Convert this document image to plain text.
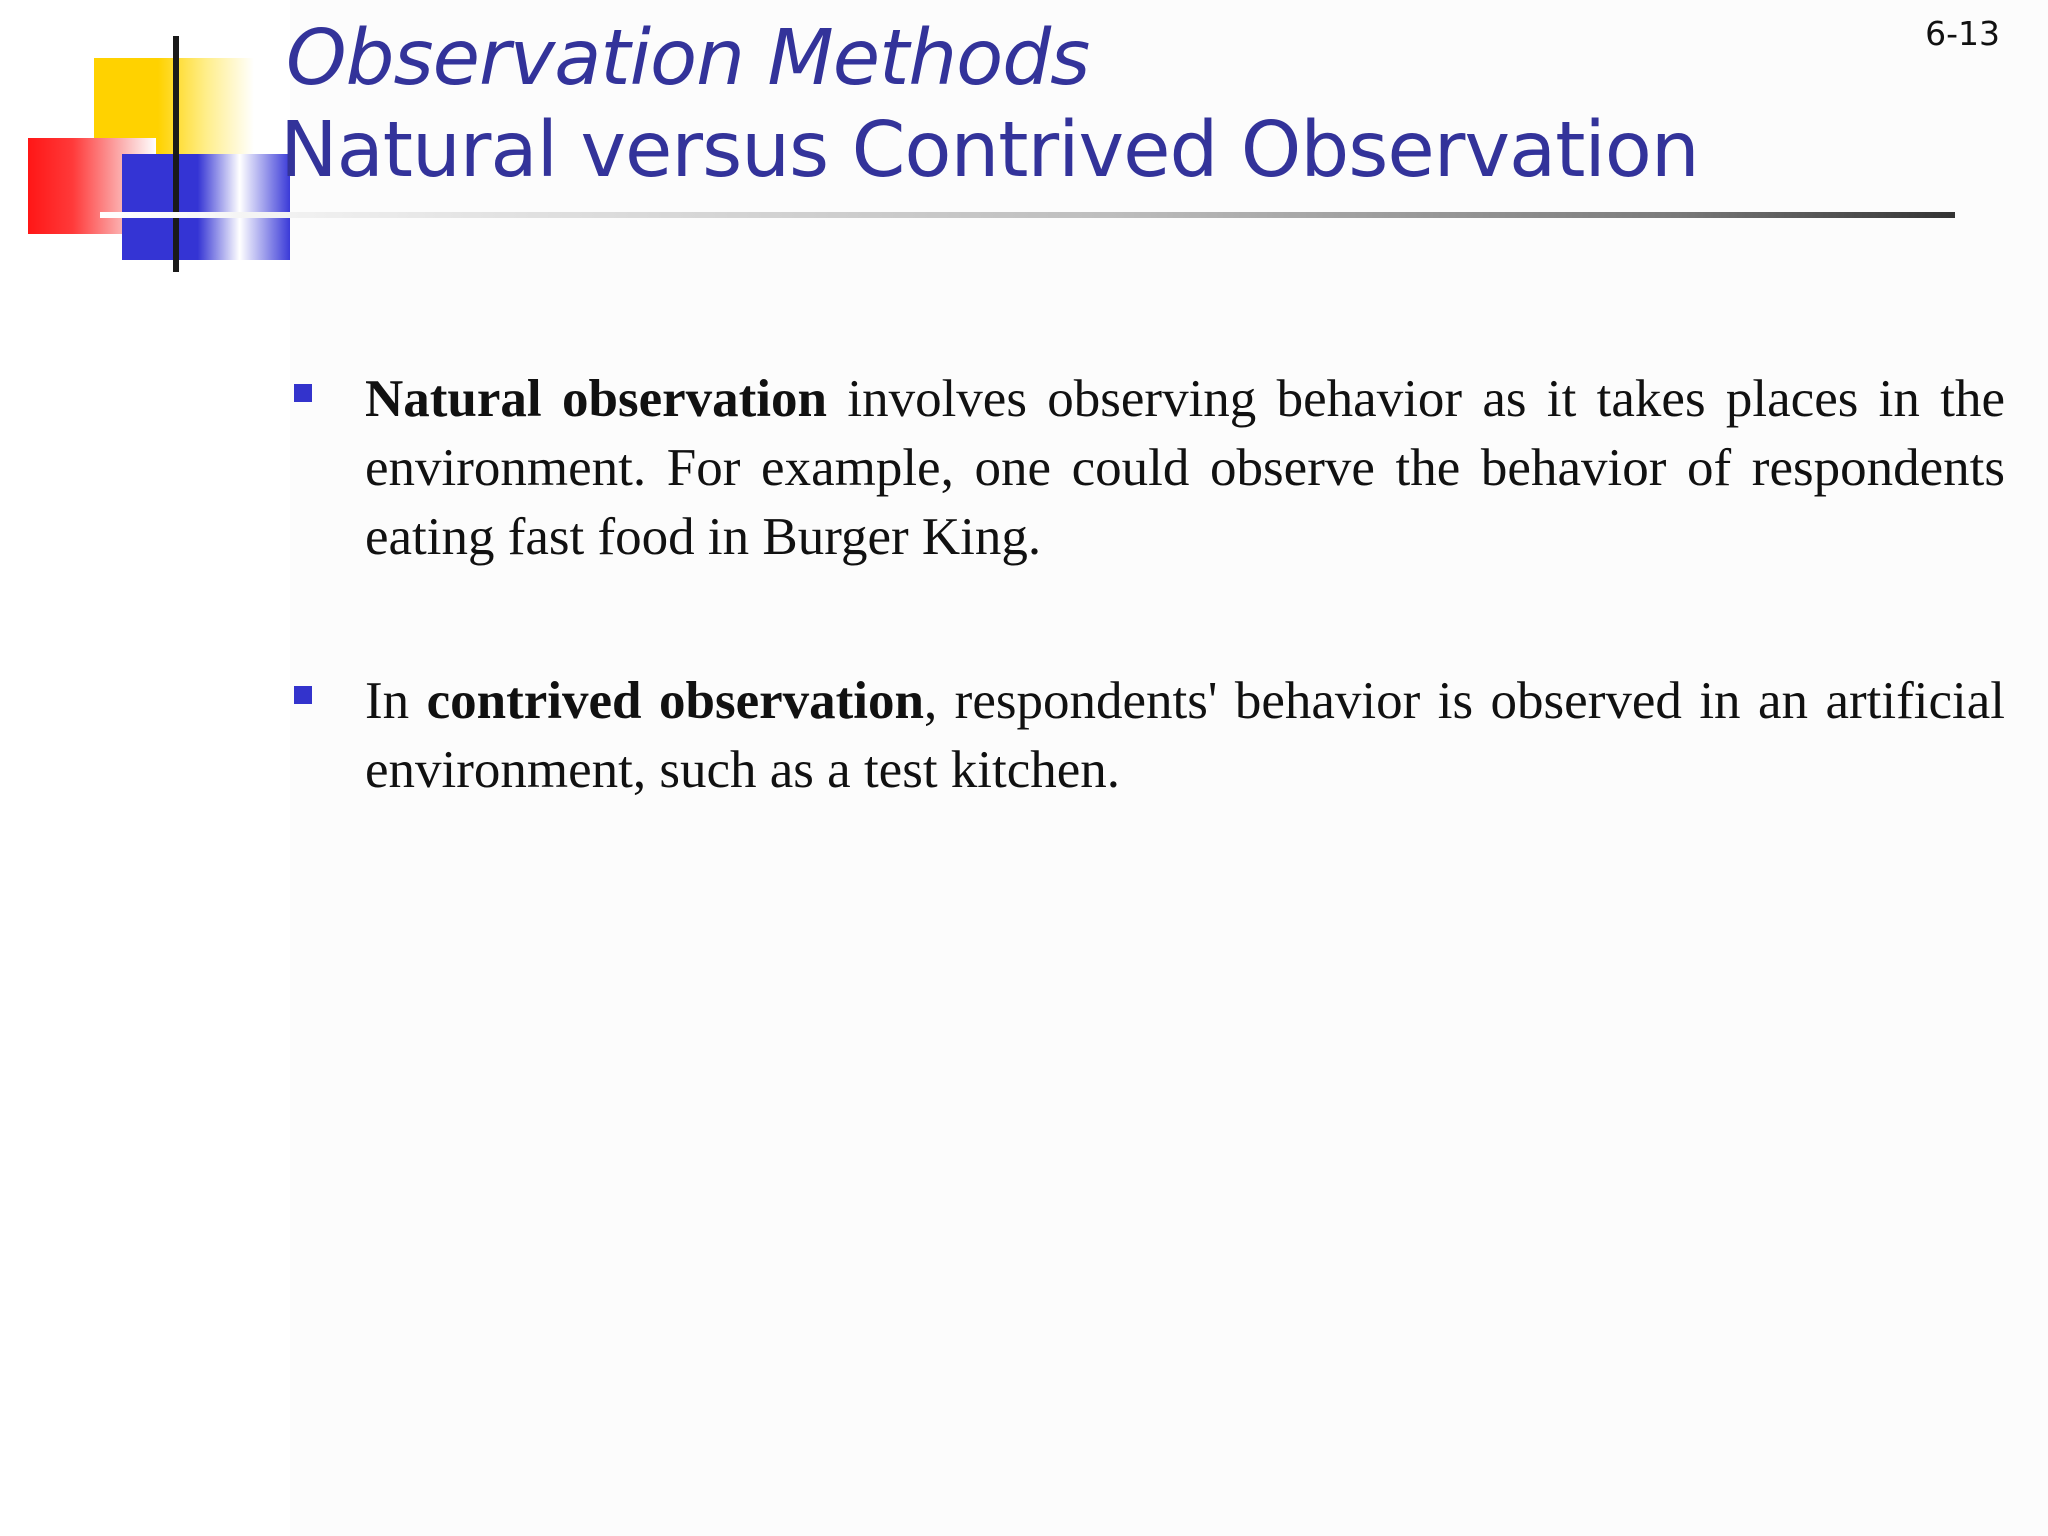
Observation Methods
Natural versus Contrived Observation
6-13
Natural observation involves observing behavior as it takes places in the environment. For example, one could observe the behavior of respondents eating fast food in Burger King.
In contrived observation, respondents' behavior is observed in an artificial environment, such as a test kitchen.
